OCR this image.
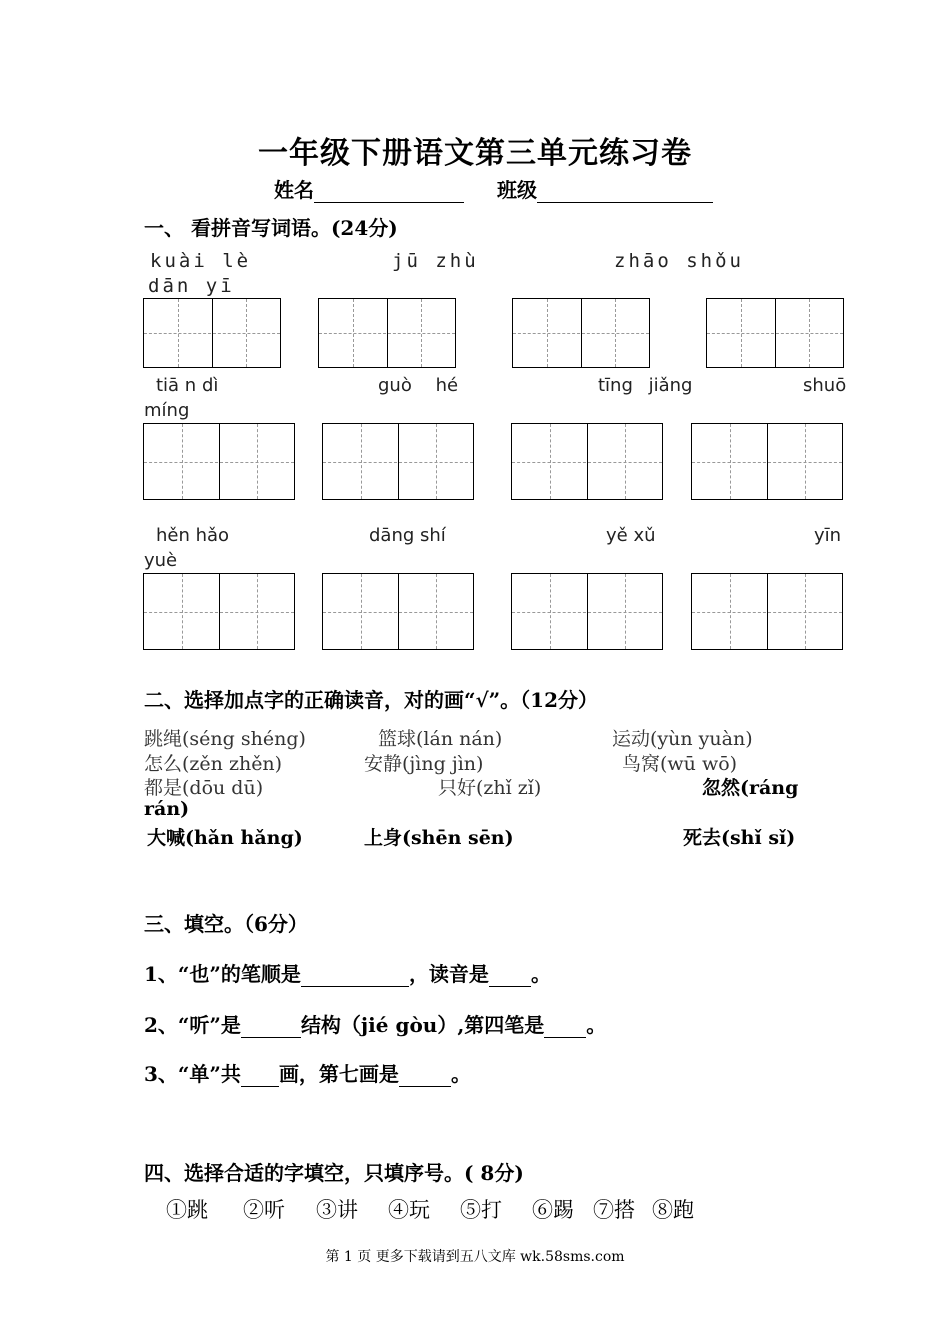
一年级下册语文第三单元练习卷
姓名	班级
一、 看拼音写词语。(24分)
kuài lè	jū zhù	zhāo shǒu
dān yī
tiā n dì	guò hé	tīng jiǎng	shuō
míng
hěn hǎo	dāng shí	yě xǔ	yīn
yuè
二、选择加点字的正确读音，对的画“√”。（12分）
跳绳(séng shéng)	篮球(lán nán)	运动(yùn yuàn)
怎么(zěn zhěn)	安静(jìng jìn)	鸟窝(wū wō)
都是(dōu dū)	只好(zhǐ zǐ)	忽然(ráng
rán)
大喊(hǎn hǎng)	上身(shēn sēn)	死去(shǐ sǐ)
三、填空。（6分）
1、“也”的笔顺是	，读音是 。
2、“听”是	结构（jié gòu）,第四笔是 。
3、“单”共 画，第七画是	。
四、选择合适的字填空，只填序号。( 8分)
①跳 ②听 ③讲 ④玩 ⑤打 ⑥踢 ⑦搭 ⑧跑
第 1 页 更多下载请到五八文库 wk.58sms.com
